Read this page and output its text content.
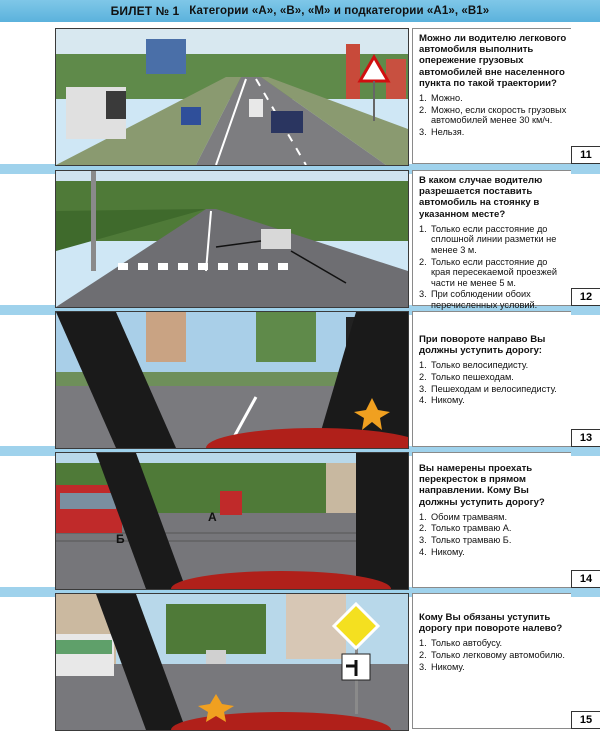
БИЛЕТ № 1 Категории «А», «В», «М» и подкатегории «А1», «В1»
Можно ли водителю легкового автомобиля выполнить опережение грузовых автомобилей вне населенного пункта по такой траектории?
1. Можно.
2. Можно, если скорость грузовых автомобилей менее 30 км/ч.
3. Нельзя.
11
В каком случае водителю разрешается поставить автомобиль на стоянку в указанном месте?
1. Только если расстояние до сплошной линии разметки не менее 3 м.
2. Только если расстояние до края пересекаемой проезжей части не менее 5 м.
3. При соблюдении обоих перечисленных условий.
12
При повороте направо Вы должны уступить дорогу:
1. Только велосипедисту.
2. Только пешеходам.
3. Пешеходам и велосипедисту.
4. Никому.
13
А
Б
Вы намерены проехать перекресток в прямом направлении. Кому Вы должны уступить дорогу?
1. Обоим трамваям.
2. Только трамваю А.
3. Только трамваю Б.
4. Никому.
14
Кому Вы обязаны уступить дорогу при повороте налево?
1. Только автобусу.
2. Только легковому автомобилю.
3. Никому.
15
